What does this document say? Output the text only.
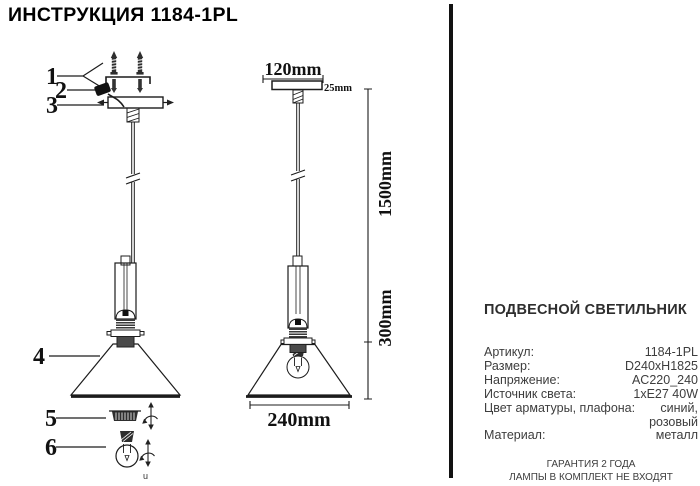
ИНСТРУКЦИЯ 1184-1PL
1
2
3
4
5
6
u
120mm
25mm
240mm
1500mm
300mm	ПОДВЕСНОЙ СВЕТИЛЬНИК
Артикул:	1184-1PL
Размер:	D240xH1825
Напряжение:	AC220_240
Источник света:	1xE27 40W
Цвет арматуры, плафона:	синий, розовый
Материал:	металл
ГАРАНТИЯ 2 ГОДА
ЛАМПЫ В КОМПЛЕКТ НЕ ВХОДЯТ
